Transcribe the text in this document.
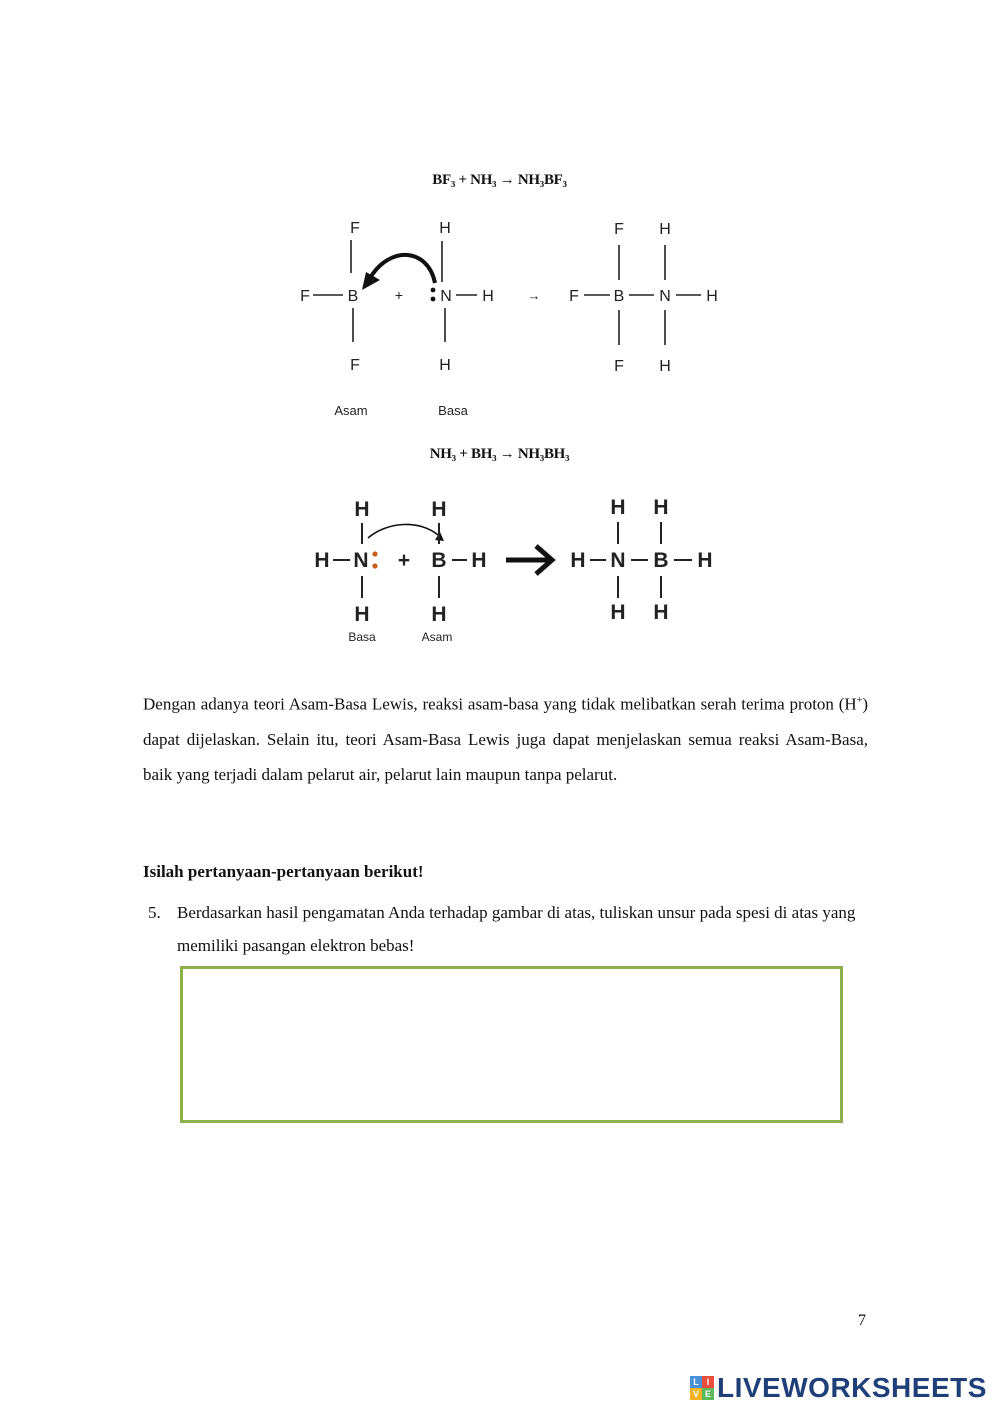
BF₃ + NH₃ → NH₃BF₃
F
F B
F
+
H
N H
H
→
F H
F B N H
F H
Asam	Basa
NH₃ + BH₃ → NH₃BH₃
H
H N
H
+
H
B H
H
H H
H N B H
H H
Basa	Asam
Dengan adanya teori Asam-Basa Lewis, reaksi asam-basa yang tidak melibatkan serah terima proton (H+) dapat dijelaskan. Selain itu, teori Asam-Basa Lewis juga dapat menjelaskan semua reaksi Asam-Basa, baik yang terjadi dalam pelarut air, pelarut lain maupun tanpa pelarut.
Isilah pertanyaan-pertanyaan berikut!
5. Berdasarkan hasil pengamatan Anda terhadap gambar di atas, tuliskan unsur pada spesi di atas yang memiliki pasangan elektron bebas!
7
L I
V E LIVEWORKSHEETS
